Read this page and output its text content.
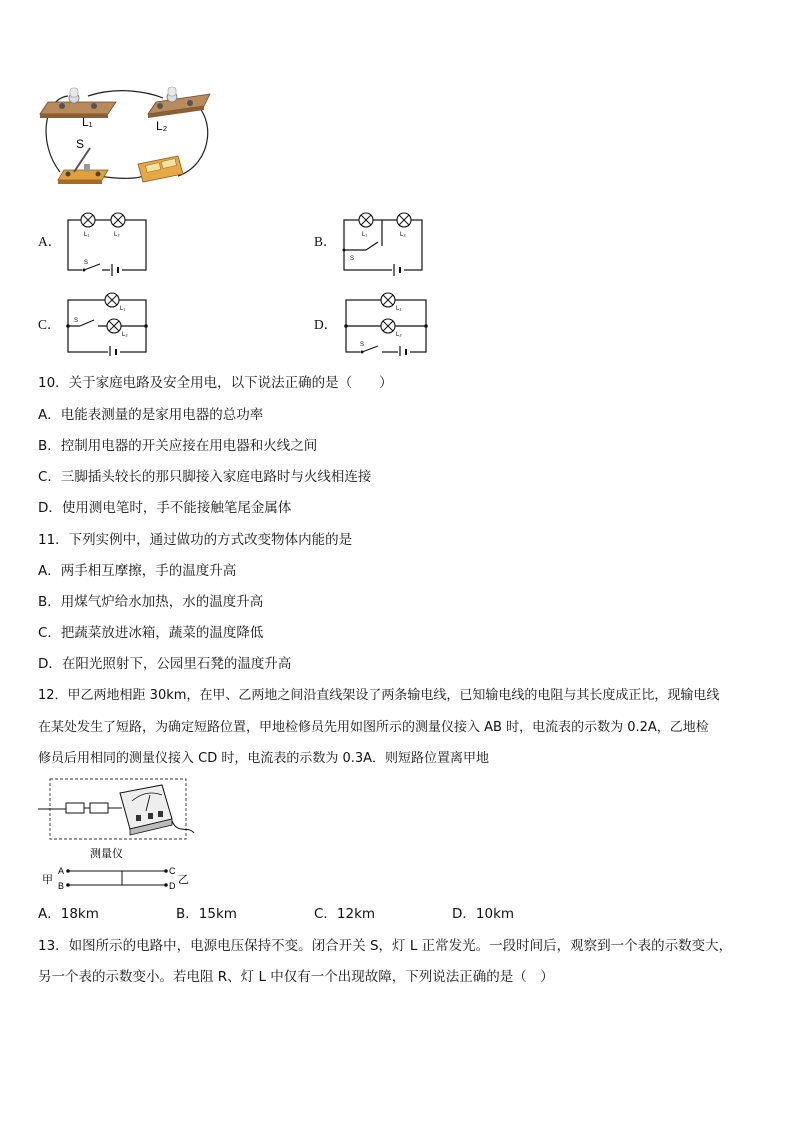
L₁	L₂
S
A．	L₁	L₂
S
B．	L₁	L₂
S
C．
L₁
L₂
S	D．
L₁
L₂
S
10．关于家庭电路及安全用电，以下说法正确的是（　　）
A．电能表测量的是家用电器的总功率
B．控制用电器的开关应接在用电器和火线之间
C．三脚插头较长的那只脚接入家庭电路时与火线相连接
D．使用测电笔时，手不能接触笔尾金属体
11．下列实例中，通过做功的方式改变物体内能的是
A．两手相互摩擦，手的温度升高
B．用煤气炉给水加热，水的温度升高
C．把蔬菜放进冰箱，蔬菜的温度降低
D．在阳光照射下，公园里石凳的温度升高
12．甲乙两地相距 30km，在甲、乙两地之间沿直线架设了两条输电线，已知输电线的电阻与其长度成正比，现输电线
在某处发生了短路，为确定短路位置，甲地检修员先用如图所示的测量仪接入 AB 时，电流表的示数为 0.2A，乙地检
修员后用相同的测量仪接入 CD 时，电流表的示数为 0.3A．则短路位置离甲地
测量仪
A
B
C
D
甲	乙
A．18km	B．15km	C．12km	D．10km
13．如图所示的电路中，电源电压保持不变。闭合开关 S，灯 L 正常发光。一段时间后，观察到一个表的示数变大，
另一个表的示数变小。若电阻 R、灯 L 中仅有一个出现故障，下列说法正确的是（　）
